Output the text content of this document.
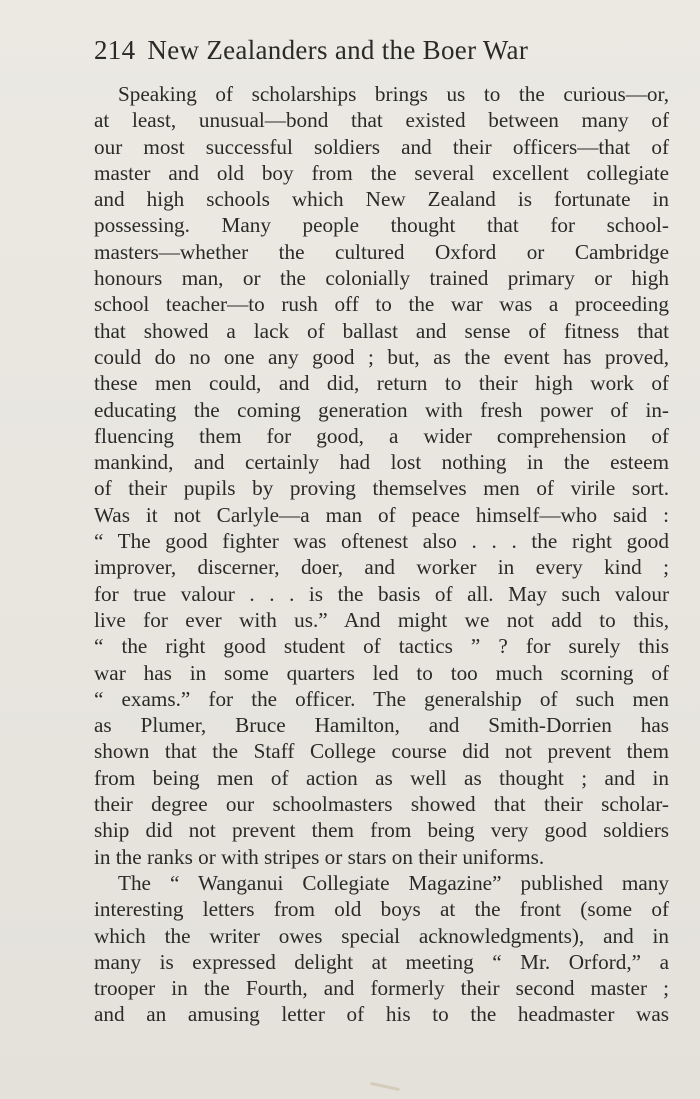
214 New Zealanders and the Boer War
Speaking of scholarships brings us to the curious—or,
at least, unusual—bond that existed between many of
our most successful soldiers and their officers—that of
master and old boy from the several excellent collegiate
and high schools which New Zealand is fortunate in
possessing. Many people thought that for school-
masters—whether the cultured Oxford or Cambridge
honours man, or the colonially trained primary or high
school teacher—to rush off to the war was a proceeding
that showed a lack of ballast and sense of fitness that
could do no one any good ; but, as the event has proved,
these men could, and did, return to their high work of
educating the coming generation with fresh power of in-
fluencing them for good, a wider comprehension of
mankind, and certainly had lost nothing in the esteem
of their pupils by proving themselves men of virile sort.
Was it not Carlyle—a man of peace himself—who said :
“ The good fighter was oftenest also . . . the right good
improver, discerner, doer, and worker in every kind ;
for true valour . . . is the basis of all. May such valour
live for ever with us.” And might we not add to this,
“ the right good student of tactics ” ? for surely this
war has in some quarters led to too much scorning of
“ exams.” for the officer. The generalship of such men
as Plumer, Bruce Hamilton, and Smith-Dorrien has
shown that the Staff College course did not prevent them
from being men of action as well as thought ; and in
their degree our schoolmasters showed that their scholar-
ship did not prevent them from being very good soldiers
in the ranks or with stripes or stars on their uniforms.
The “ Wanganui Collegiate Magazine” published many
interesting letters from old boys at the front (some of
which the writer owes special acknowledgments), and in
many is expressed delight at meeting “ Mr. Orford,” a
trooper in the Fourth, and formerly their second master ;
and an amusing letter of his to the headmaster was
